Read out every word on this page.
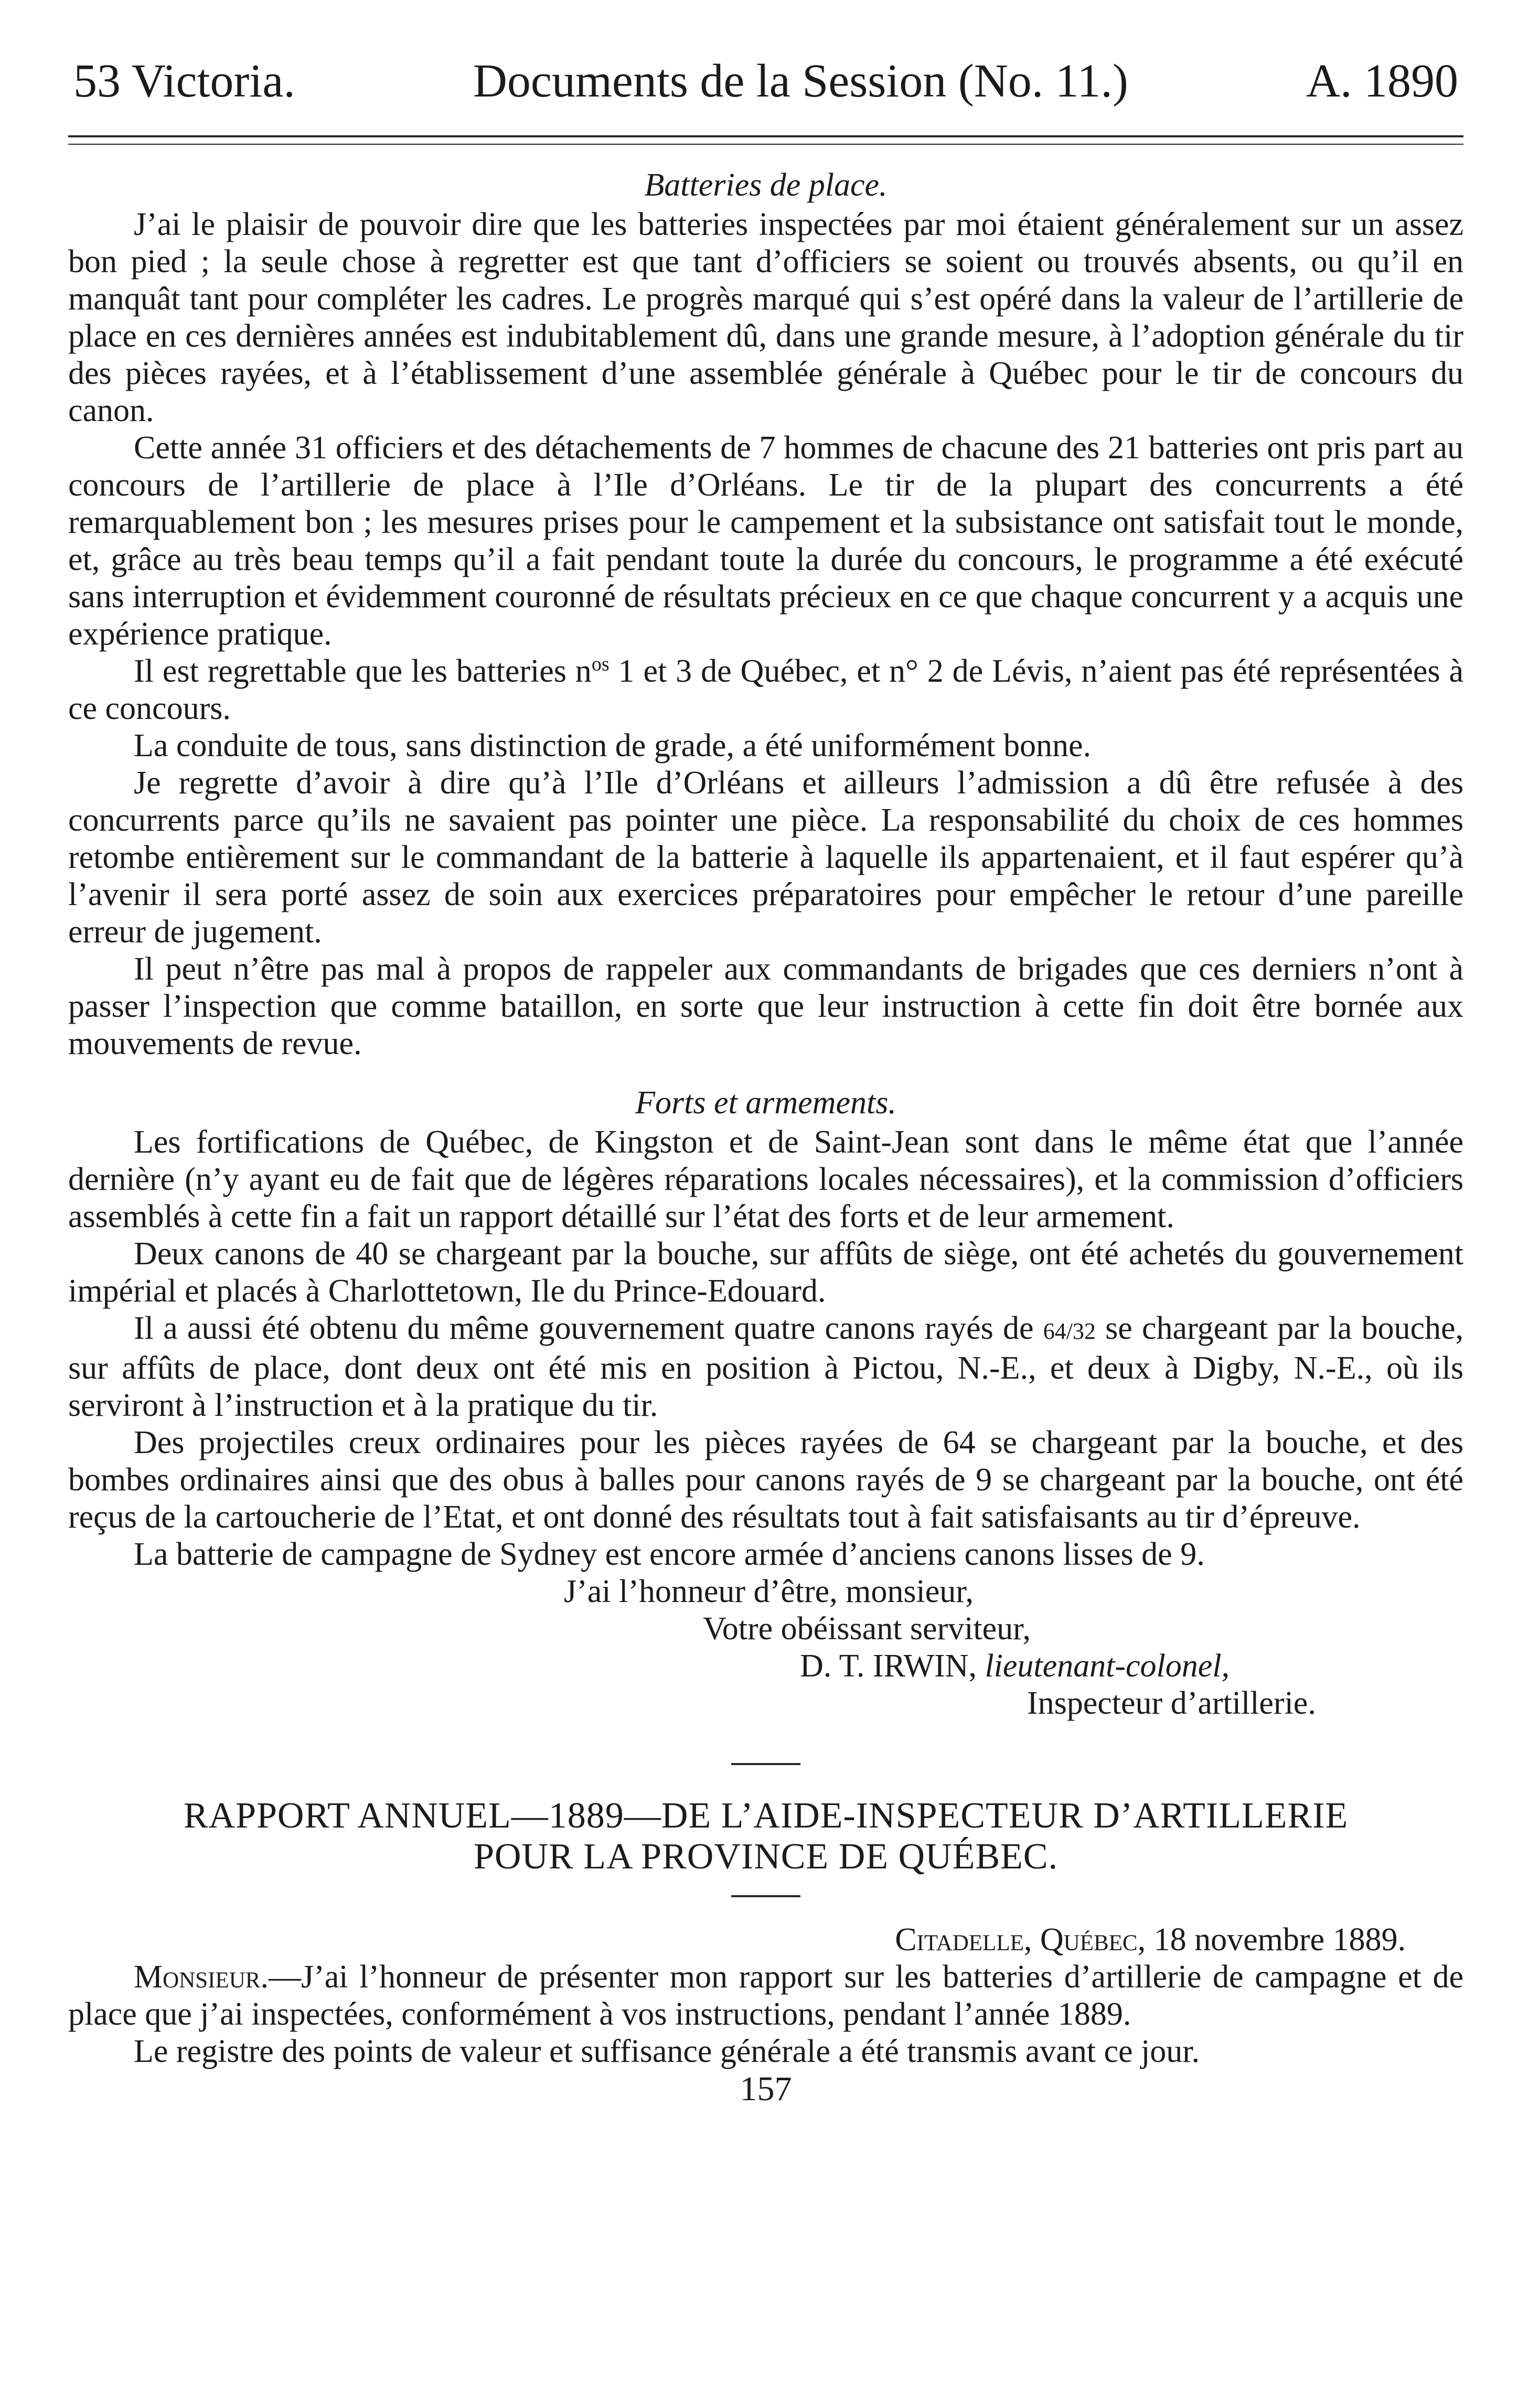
53 Victoria.	Documents de la Session (No. 11.)	A. 1890
Batteries de place.

J’ai le plaisir de pouvoir dire que les batteries inspectées par moi étaient généralement sur un assez bon pied ; la seule chose à regretter est que tant d’officiers se soient ou trouvés absents, ou qu’il en manquât tant pour compléter les cadres. Le progrès marqué qui s’est opéré dans la valeur de l’artillerie de place en ces dernières années est indubitablement dû, dans une grande mesure, à l’adoption générale du tir des pièces rayées, et à l’établissement d’une assemblée générale à Québec pour le tir de concours du canon.

Cette année 31 officiers et des détachements de 7 hommes de chacune des 21 batteries ont pris part au concours de l’artillerie de place à l’Ile d’Orléans. Le tir de la plupart des concurrents a été remarquablement bon ; les mesures prises pour le campement et la subsistance ont satisfait tout le monde, et, grâce au très beau temps qu’il a fait pendant toute la durée du concours, le programme a été exécuté sans interruption et évidemment couronné de résultats précieux en ce que chaque concurrent y a acquis une expérience pratique.

Il est regrettable que les batteries $n^{os}$ 1 et 3 de Québec, et n° 2 de Lévis, n’aient pas été représentées à ce concours.

La conduite de tous, sans distinction de grade, a été uniformément bonne.

Je regrette d’avoir à dire qu’à l’Ile d’Orléans et ailleurs l’admission a dû être refusée à des concurrents parce qu’ils ne savaient pas pointer une pièce. La responsabilité du choix de ces hommes retombe entièrement sur le commandant de la batterie à laquelle ils appartenaient, et il faut espérer qu’à l’avenir il sera porté assez de soin aux exercices préparatoires pour empêcher le retour d’une pareille erreur de jugement.

Il peut n’être pas mal à propos de rappeler aux commandants de brigades que ces derniers n’ont à passer l’inspection que comme bataillon, en sorte que leur instruction à cette fin doit être bornée aux mouvements de revue.

Forts et armements.

Les fortifications de Québec, de Kingston et de Saint-Jean sont dans le même état que l’année dernière (n’y ayant eu de fait que de légères réparations locales nécessaires), et la commission d’officiers assemblés à cette fin a fait un rapport détaillé sur l’état des forts et de leur armement.

Deux canons de 40 se chargeant par la bouche, sur affûts de siège, ont été achetés du gouvernement impérial et placés à Charlottetown, Ile du Prince-Edouard.

Il a aussi été obtenu du même gouvernement quatre canons rayés de 64/32 se chargeant par la bouche, sur affûts de place, dont deux ont été mis en position à Pictou, N.-E., et deux à Digby, N.-E., où ils serviront à l’instruction et à la pratique du tir.

Des projectiles creux ordinaires pour les pièces rayées de 64 se chargeant par la bouche, et des bombes ordinaires ainsi que des obus à balles pour canons rayés de 9 se chargeant par la bouche, ont été reçus de la cartoucherie de l’Etat, et ont donné des résultats tout à fait satisfaisants au tir d’épreuve.

La batterie de campagne de Sydney est encore armée d’anciens canons lisses de 9.

J’ai l’honneur d’être, monsieur,
Votre obéissant serviteur,
D. T. IRWIN, lieutenant-colonel,
Inspecteur d’artillerie.
RAPPORT ANNUEL—1889—DE L’AIDE-INSPECTEUR D’ARTILLERIE
POUR LA PROVINCE DE QUÉBEC.
Citadelle, Québec, 18 novembre 1889.

Monsieur.—J’ai l’honneur de présenter mon rapport sur les batteries d’artillerie de campagne et de place que j’ai inspectées, conformément à vos instructions, pendant l’année 1889.

Le registre des points de valeur et suffisance générale a été transmis avant ce jour.

157
